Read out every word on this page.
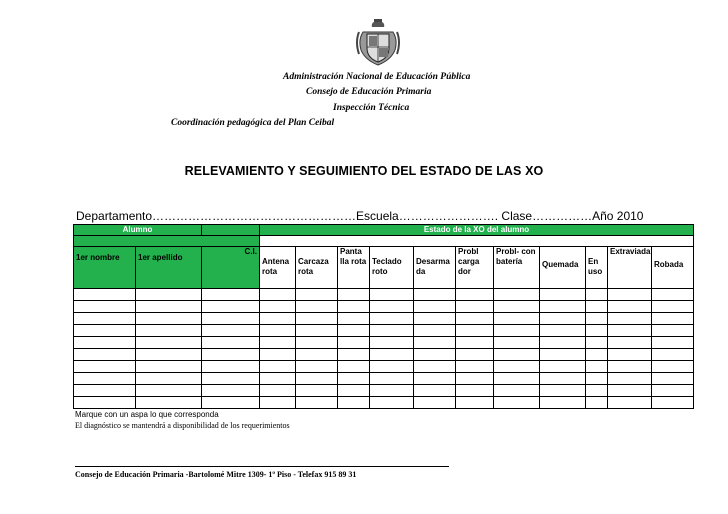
Administración Nacional de Educación Pública
Consejo de Educación Primaria
Inspección Técnica
Coordinación pedagógica del Plan Ceibal
RELEVAMIENTO Y SEGUIMIENTO DEL ESTADO DE LAS XO
Departamento……………………………………………Escuela……………………. Clase……………Año 2010
Alumno			Estado de la XO del alumno										

1er nombre	1er apellido	C.I.	Antena rota	Carcaza rota	Panta lla rota	Teclado roto	Desarma da	Probl carga dor	Probl- con batería	Quemada	En uso	Extraviada	Robada

Marque con un aspa lo que corresponda
El diagnóstico se mantendrá a disponibilidad de los requerimientos
Consejo de Educación Primaria -Bartolomé Mitre 1309- 1º Piso - Telefax 915 89 31
